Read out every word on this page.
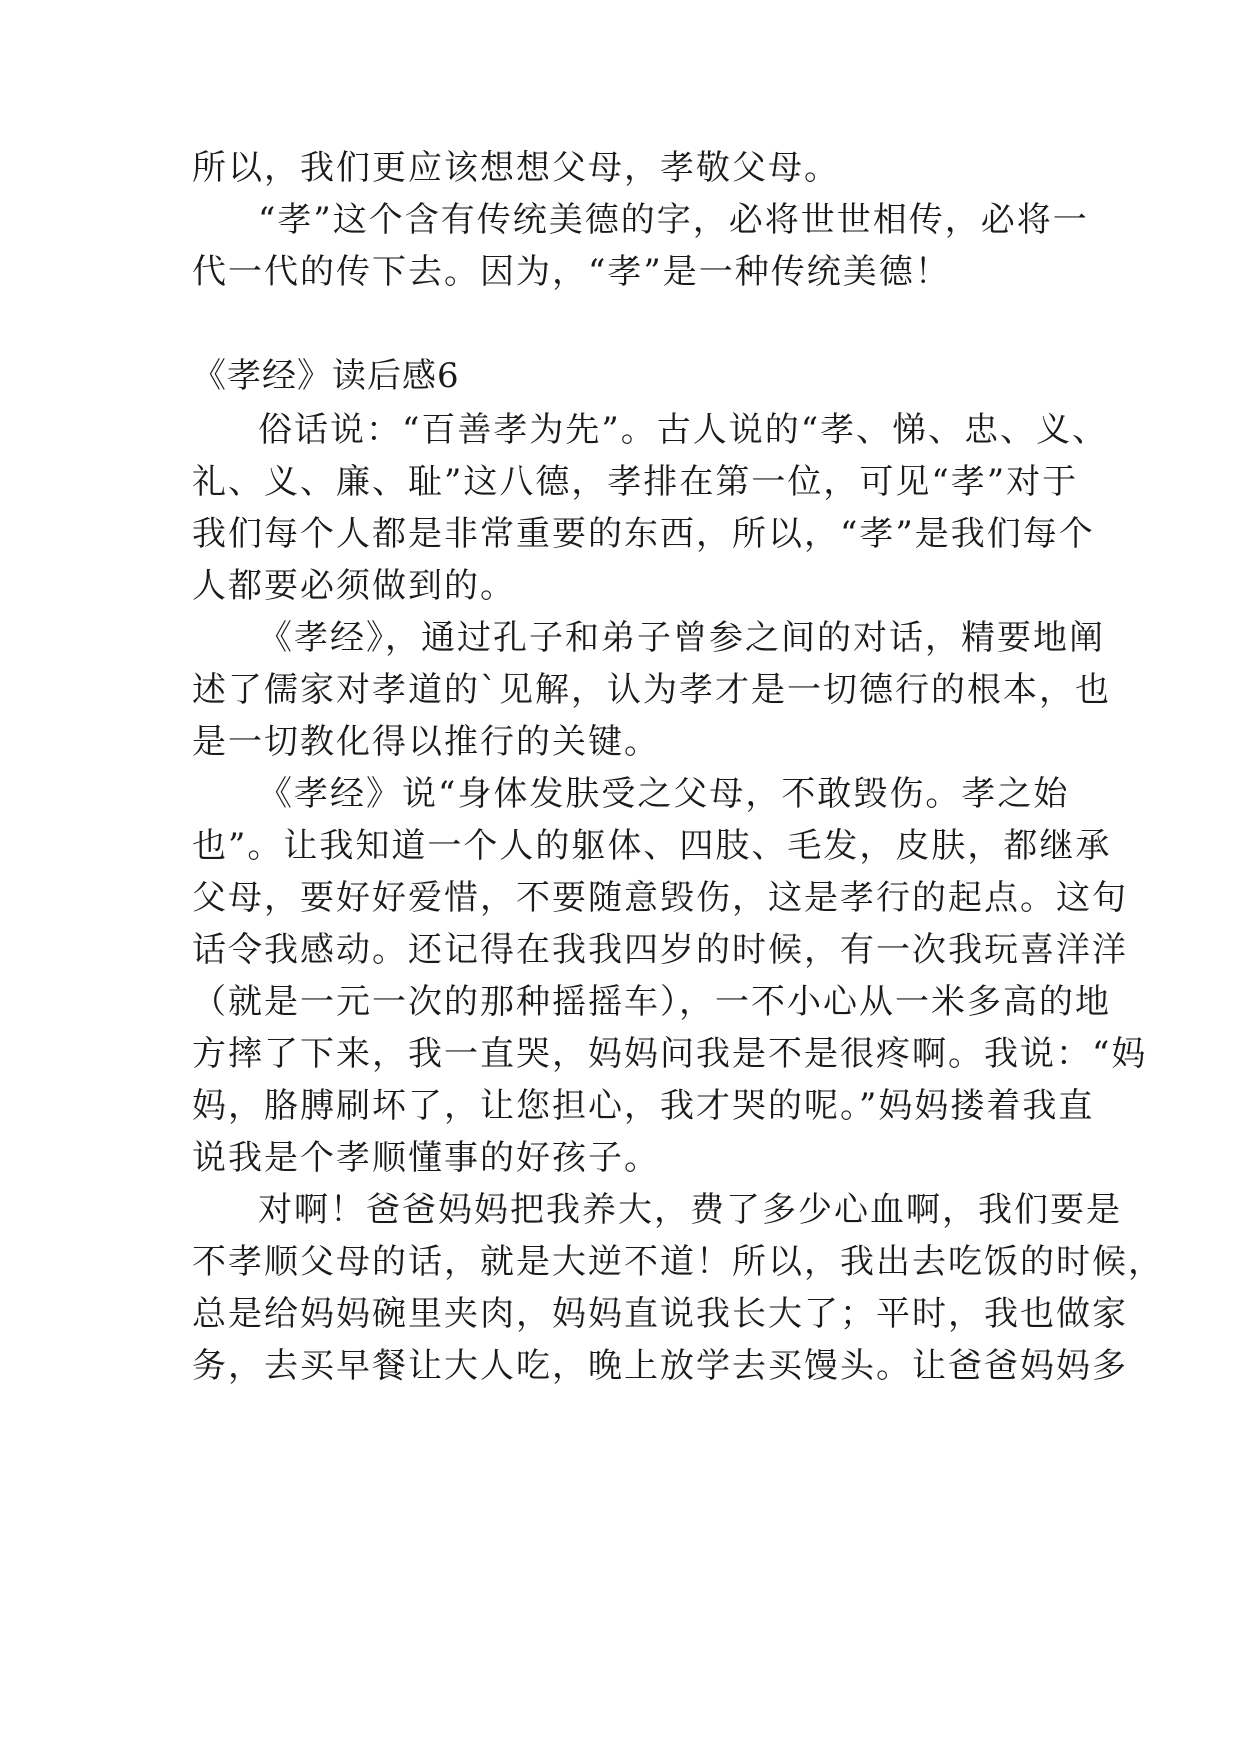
所以，我们更应该想想父母，孝敬父母。
“孝”这个含有传统美德的字，必将世世相传，必将一
代一代的传下去。因为，“孝”是一种传统美德！
《孝经》读后感6
俗话说：“百善孝为先”。古人说的“孝、悌、忠、义、
礼、义、廉、耻”这八德，孝排在第一位，可见“孝”对于
我们每个人都是非常重要的东西，所以，“孝”是我们每个
人都要必须做到的。
《孝经》，通过孔子和弟子曾参之间的对话，精要地阐
述了儒家对孝道的`见解，认为孝才是一切德行的根本，也
是一切教化得以推行的关键。
《孝经》说“身体发肤受之父母，不敢毁伤。孝之始
也”。让我知道一个人的躯体、四肢、毛发，皮肤，都继承
父母，要好好爱惜，不要随意毁伤，这是孝行的起点。这句
话令我感动。还记得在我我四岁的时候，有一次我玩喜洋洋
（就是一元一次的那种摇摇车），一不小心从一米多高的地
方摔了下来，我一直哭，妈妈问我是不是很疼啊。我说：“妈
妈，胳膊刷坏了，让您担心，我才哭的呢。”妈妈搂着我直
说我是个孝顺懂事的好孩子。
对啊！爸爸妈妈把我养大，费了多少心血啊，我们要是
不孝顺父母的话，就是大逆不道！所以，我出去吃饭的时候，
总是给妈妈碗里夹肉，妈妈直说我长大了；平时，我也做家
务，去买早餐让大人吃，晚上放学去买馒头。让爸爸妈妈多
